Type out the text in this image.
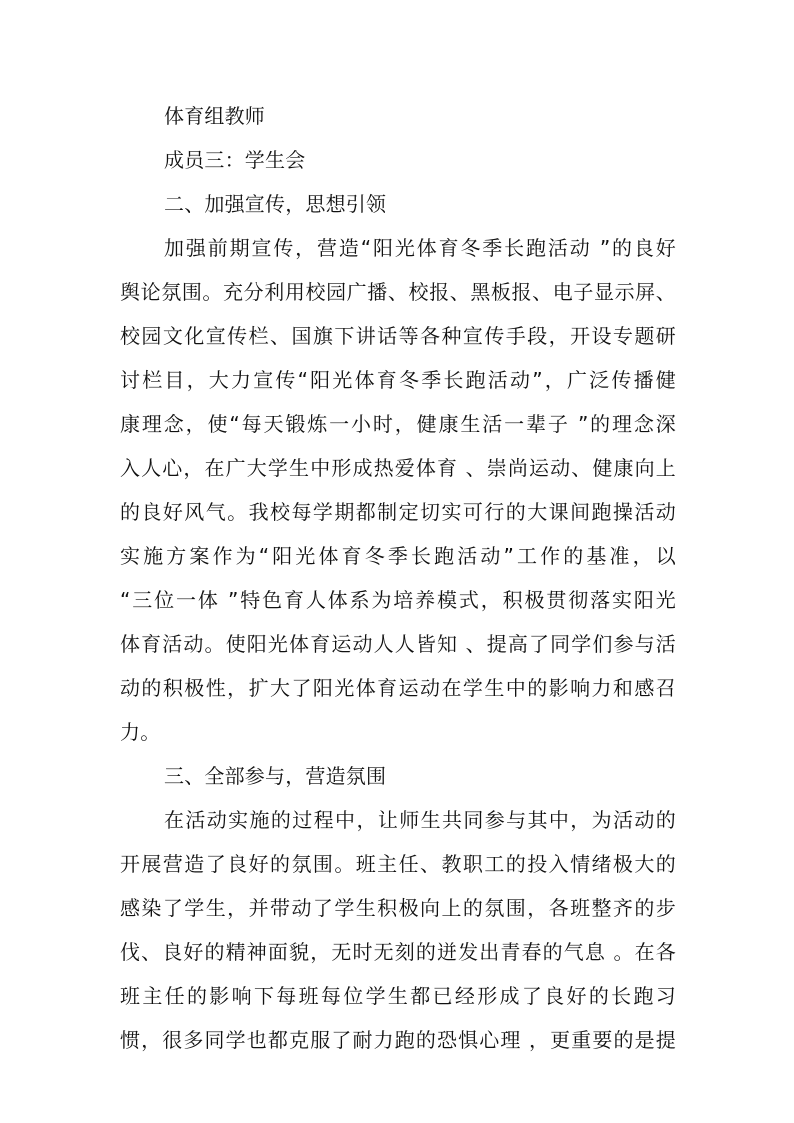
体育组教师
成员三：学生会
二、加强宣传，思想引领
加强前期宣传，营造“阳光体育冬季长跑活动 ”的良好
舆论氛围。充分利用校园广播、校报、黑板报、电子显示屏、
校园文化宣传栏、国旗下讲话等各种宣传手段，开设专题研
讨栏目，大力宣传“阳光体育冬季长跑活动”，广泛传播健
康理念，使“每天锻炼一小时，健康生活一辈子 ”的理念深
入人心，在广大学生中形成热爱体育 、崇尚运动、健康向上
的良好风气。我校每学期都制定切实可行的大课间跑操活动
实施方案作为“阳光体育冬季长跑活动”工作的基准，以
“三位一体 ”特色育人体系为培养模式，积极贯彻落实阳光
体育活动。使阳光体育运动人人皆知 、提高了同学们参与活
动的积极性，扩大了阳光体育运动在学生中的影响力和感召
力。
三、全部参与，营造氛围
在活动实施的过程中，让师生共同参与其中，为活动的
开展营造了良好的氛围。班主任、教职工的投入情绪极大的
感染了学生，并带动了学生积极向上的氛围，各班整齐的步
伐、良好的精神面貌，无时无刻的迸发出青春的气息 。在各
班主任的影响下每班每位学生都已经形成了良好的长跑习
惯，很多同学也都克服了耐力跑的恐惧心理 ，更重要的是提
